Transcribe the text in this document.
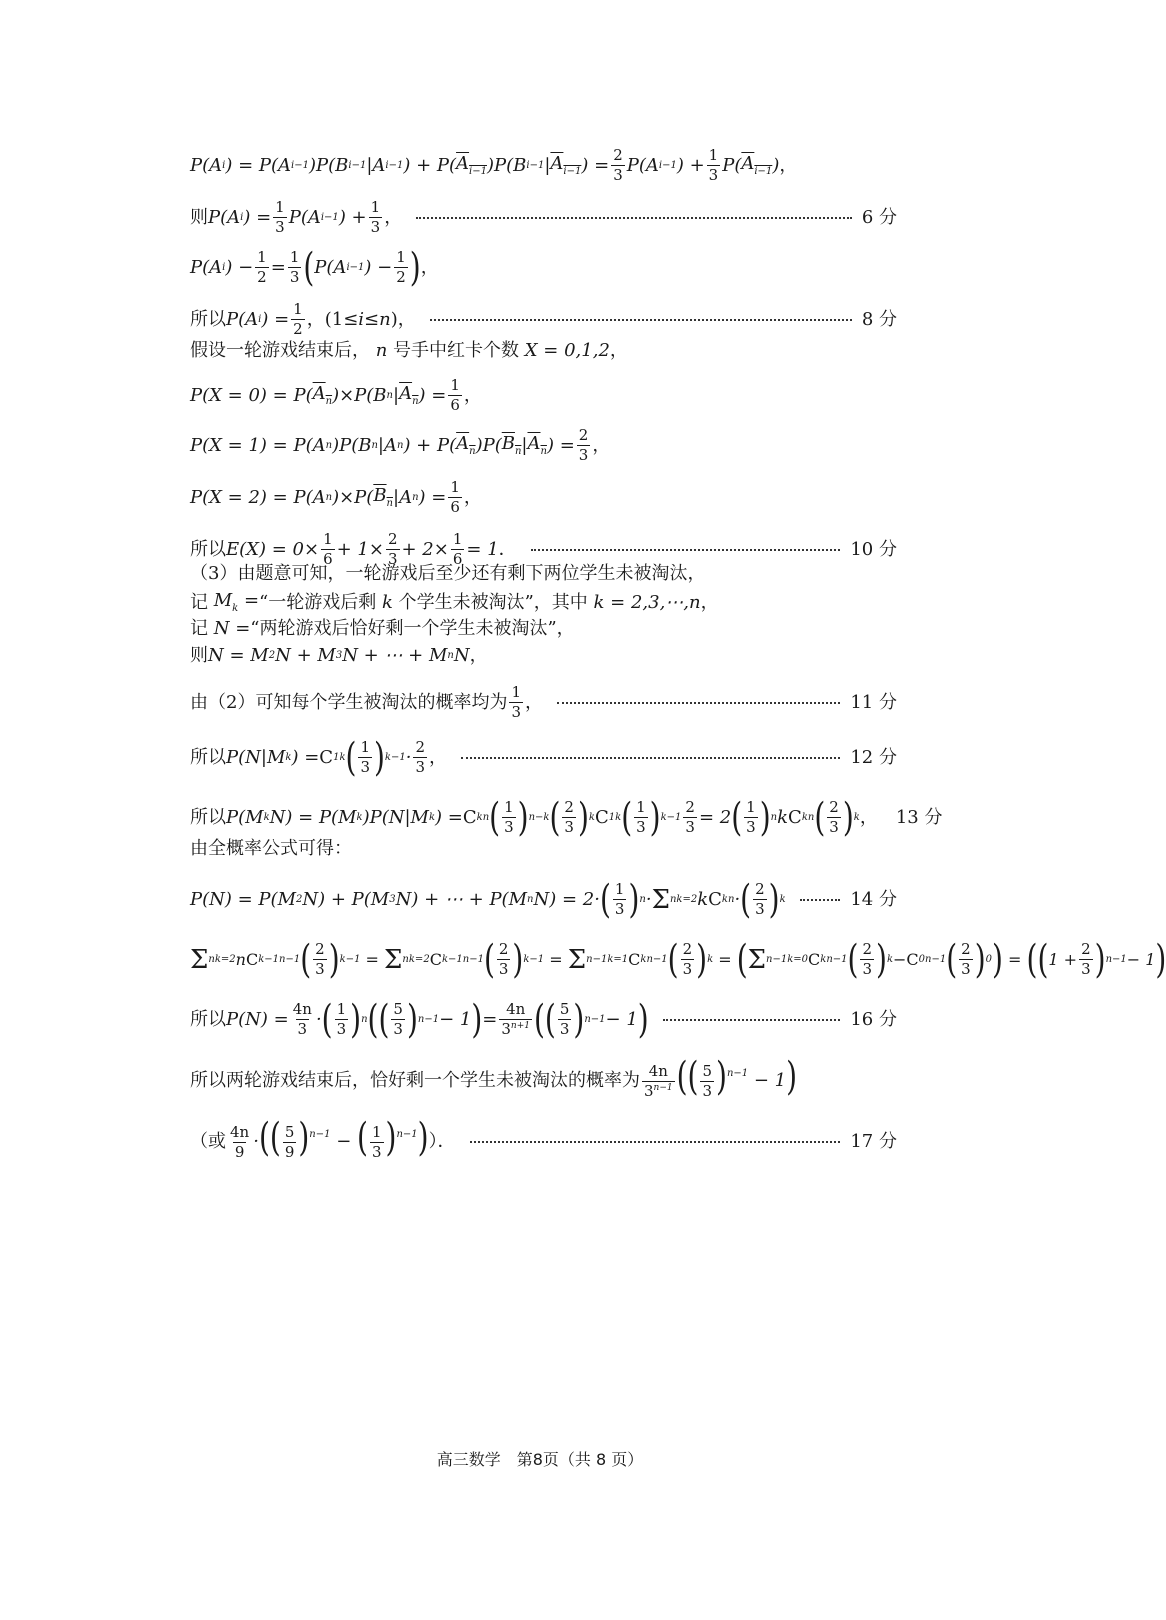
P(A i ) = P(A i−1 )P(B i−1 |A i−1 ) + P( $A_{i-1}$ )P(B i−1 | $A_{i-1}$ ) = 2
3 P(A i−1 ) + 1
3 P( $A_{i-1}$ ) ，
则 P(A i ) = 1
3 P(A i−1 ) + 1
3 ，	6 分
P(A i ) − 1
2 = 1
3 ( P(A i−1 ) − 1
2 ) ，
所以 P(A i ) = 1
2 ，(1≤ i ≤ n )，	8 分
假设一轮游戏结束后， n 号手中红卡个数 X = 0,1,2 ，
P(X = 0) = P( $A_n$ )×P(B n | $A_n$ ) = 1
6 ，
P(X = 1) = P(A n )P(B n |A n ) + P( $A_n$ )P( $B_n$ | $A_n$ ) = 2
3 ，
P(X = 2) = P(A n )×P( $B_n$ |A n ) = 1
6 ，
所以 E(X) = 0× 1
6 + 1× 2
3 + 2× 1
6 = 1 ．	10 分
（3）由题意可知，一轮游戏后至少还有剩下两位学生未被淘汰，
记 $M_k$ = “一轮游戏后剩 k 个学生未被淘汰”，其中 k = 2,3,⋯,n ，
记 N = “两轮游戏后恰好剩一个学生未被淘汰”，
则 N = M 2 N + M 3 N + ⋯ + M n N ，
由（2）可知每个学生被淘汰的概率均为 1
3 ，	11 分
所以 P(N|M k ) = C 1 k ( 1
3 ) k−1 · 2
3 ，	12 分
所以 P(M k N) = P(M k )P(N|M k ) = C k n ( 1
3 ) n−k ( 2
3 ) k C 1 k ( 1
3 ) k−1
2
3 = 2 ( 1
3 ) n k C k n ( 2
3 ) k ， 13 分
由全概率公式可得：
P(N) = P(M 2 N) + P(M 3 N) + ⋯ + P(M n N) = 2· ( 1
3 ) n · Σ n k=2 k C k n · ( 2
3 ) k	14 分
Σ n k=2 n C k−1 n−1 ( 2
3 ) k−1 = Σ n k=2 C k−1 n−1 ( 2
3 ) k−1 = Σ n−1 k=1 C k n−1 ( 2
3 ) k = ( Σ n−1 k=0 C k n−1 ( 2
3 ) k − C 0 n−1 ( 2
3 ) 0 ) = (( 1 +
2
3 ) n−1 − 1 )
所以 P(N) = 4n
3 · ( 1
3 ) n (( 5
3 ) n−1 − 1 ) = 4n
$3^{n+1}$ (( 5
3 ) n−1 − 1 )	16 分
所以两轮游戏结束后，恰好剩一个学生未被淘汰的概率为 $\frac{4n}{3^{n-1}}$ (( $\frac{5}{3} )^{n-1} - 1$)
（或 $\frac{4n}{9}$ ·(( $\frac{5}{9} )^{n-1}$ − ( $\frac{1}{3} )^{n-1}$) ）．	17 分
高三数学　第8页（共 8 页）
